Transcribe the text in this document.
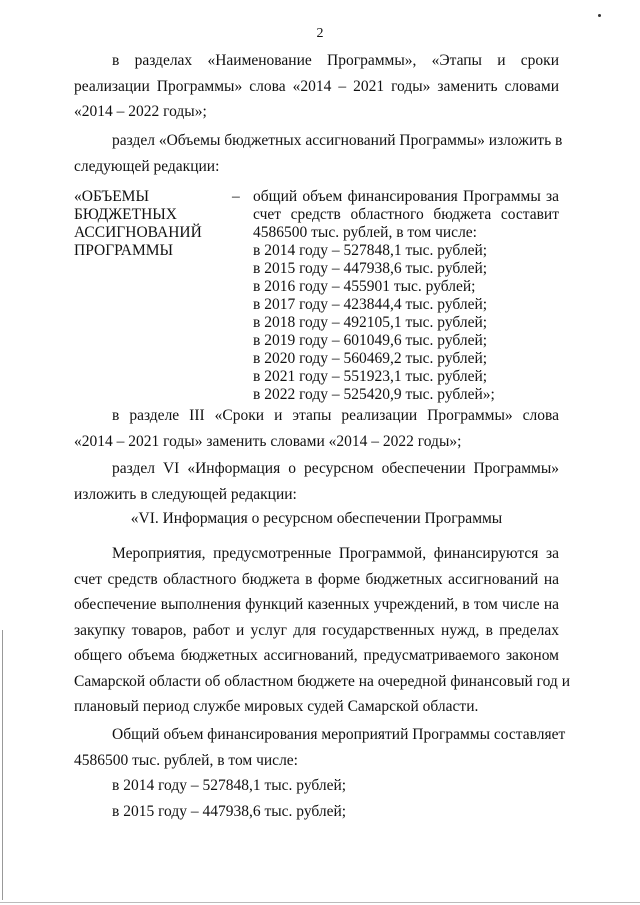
2
в разделах «Наименование Программы», «Этапы и сроки
реализации Программы» слова «2014 – 2021 годы» заменить словами
«2014 – 2022 годы»;
раздел «Объемы бюджетных ассигнований Программы» изложить в
следующей редакции:
«ОБЪЕМЫ
БЮДЖЕТНЫХ
АССИГНОВАНИЙ
ПРОГРАММЫ
– общий объем финансирования Программы за
счет средств областного бюджета составит
4586500 тыс. рублей, в том числе:
в 2014 году – 527848,1 тыс. рублей;
в 2015 году – 447938,6 тыс. рублей;
в 2016 году – 455901 тыс. рублей;
в 2017 году – 423844,4 тыс. рублей;
в 2018 году – 492105,1 тыс. рублей;
в 2019 году – 601049,6 тыс. рублей;
в 2020 году – 560469,2 тыс. рублей;
в 2021 году – 551923,1 тыс. рублей;
в 2022 году – 525420,9 тыс. рублей»;
в разделе III «Сроки и этапы реализации Программы» слова
«2014 – 2021 годы» заменить словами «2014 – 2022 годы»;
раздел VI «Информация о ресурсном обеспечении Программы»
изложить в следующей редакции:
«VI. Информация о ресурсном обеспечении Программы
Мероприятия, предусмотренные Программой, финансируются за
счет средств областного бюджета в форме бюджетных ассигнований на
обеспечение выполнения функций казенных учреждений, в том числе на
закупку товаров, работ и услуг для государственных нужд, в пределах
общего объема бюджетных ассигнований, предусматриваемого законом
Самарской области об областном бюджете на очередной финансовый год и
плановый период службе мировых судей Самарской области.
Общий объем финансирования мероприятий Программы составляет
4586500 тыс. рублей, в том числе:
в 2014 году – 527848,1 тыс. рублей;
в 2015 году – 447938,6 тыс. рублей;
